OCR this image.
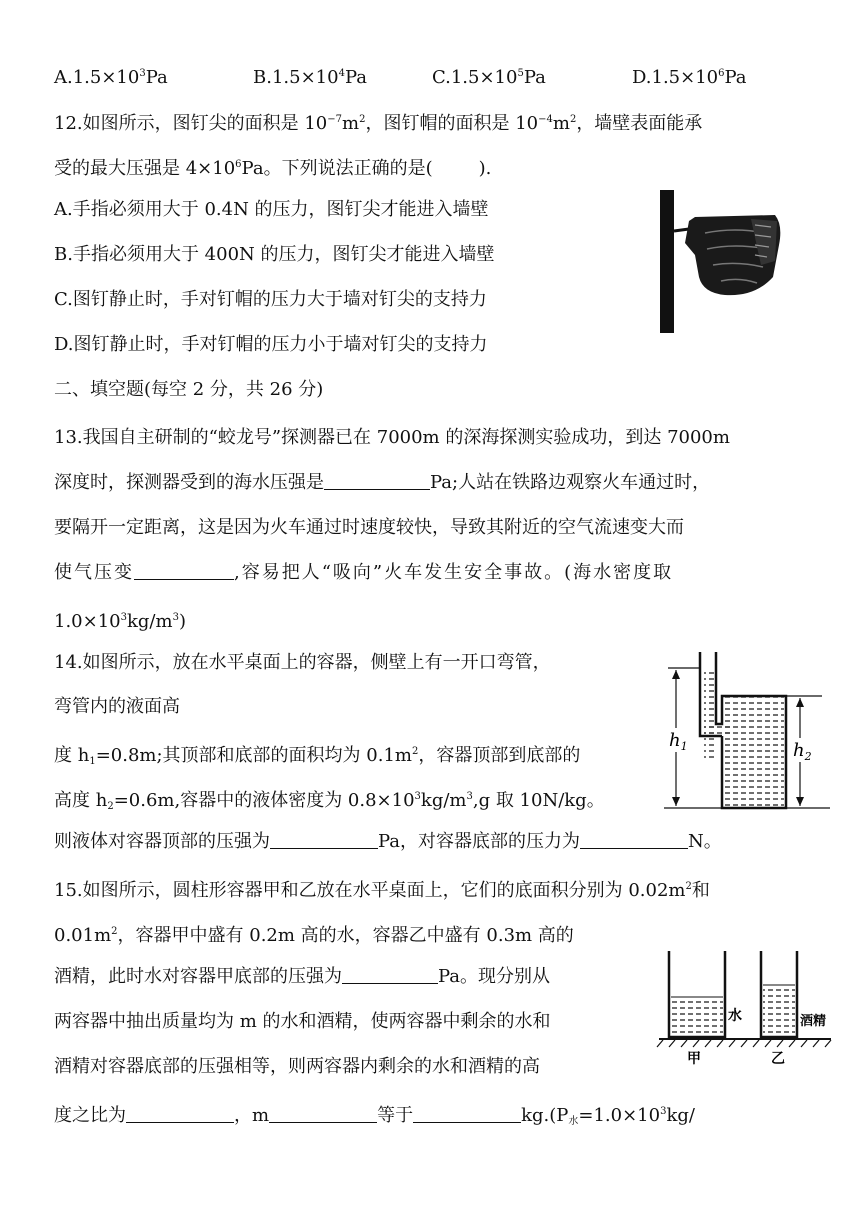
$A.1.5\times 10^3Pa$	$B.1.5\times 10^4Pa$	$C.1.5\times 10^5Pa$	$D.1.5\times 10^6Pa$
12.如图所示，图钉尖的面积是 $10^{-7}m^2$，图钉帽的面积是 $10^{-4}m^2$，墙壁表面能承
受的最大压强是 $4\times 10^6Pa$。下列说法正确的是(	).
A.手指必须用大于 0.4N 的压力，图钉尖才能进入墙壁
B.手指必须用大于 400N 的压力，图钉尖才能进入墙壁
C.图钉静止时，手对钉帽的压力大于墙对钉尖的支持力
D.图钉静止时，手对钉帽的压力小于墙对钉尖的支持力
二、填空题(每空 2 分，共 26 分)
13.我国自主研制的“蛟龙号”探测器已在 7000m 的深海探测实验成功，到达 7000m
深度时，探测器受到的海水压强是	Pa;人站在铁路边观察火车通过时，
要隔开一定距离，这是因为火车通过时速度较快，导致其附近的空气流速变大而
使气压变	,容易把人“吸向”火车发生安全事故。(海水密度取
$1.0\times 10^3kg/m^3$)
14.如图所示，放在水平桌面上的容器，侧壁上有一开口弯管，
弯管内的液面高
度 $h_1=0.8m$;其顶部和底部的面积均为 $0.1m^2$，容器顶部到底部的
高度 $h_2=0.6m$,容器中的液体密度为 $0.8\times 10^3kg/m^3,g$ 取 10N/kg。
则液体对容器顶部的压强为	Pa，对容器底部的压力为	N。
$h_1$	$h_2$
15.如图所示，圆柱形容器甲和乙放在水平桌面上，它们的底面积分别为 $0.02m^2$和
$0.01m^2$，容器甲中盛有 0.2m 高的水，容器乙中盛有 0.3m 高的
酒精，此时水对容器甲底部的压强为	Pa。现分别从
两容器中抽出质量均为 m 的水和酒精，使两容器中剩余的水和
酒精对容器底部的压强相等，则两容器内剩余的水和酒精的高
度之比为	，m	等于	$kg.(P_水=1.0\times 10^3kg/$
水	酒精
甲	乙
